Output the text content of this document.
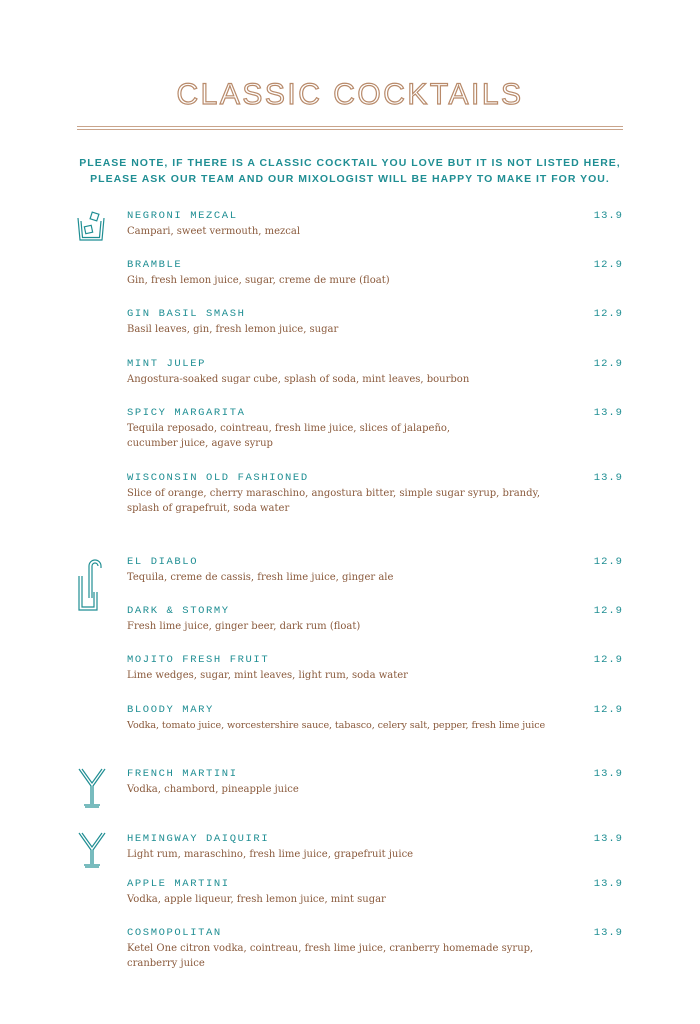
CLASSIC COCKTAILS
PLEASE NOTE, IF THERE IS A CLASSIC COCKTAIL YOU LOVE BUT IT IS NOT LISTED HERE,
PLEASE ASK OUR TEAM AND OUR MIXOLOGIST WILL BE HAPPY TO MAKE IT FOR YOU.
NEGRONI MEZCAL	13.9
Campari, sweet vermouth, mezcal
BRAMBLE	12.9
Gin, fresh lemon juice, sugar, creme de mure (float)
GIN BASIL SMASH	12.9
Basil leaves, gin, fresh lemon juice, sugar
MINT JULEP	12.9
Angostura-soaked sugar cube, splash of soda, mint leaves, bourbon
SPICY MARGARITA	13.9
Tequila reposado, cointreau, fresh lime juice, slices of jalapeño, cucumber juice, agave syrup
WISCONSIN OLD FASHIONED	13.9
Slice of orange, cherry maraschino, angostura bitter, simple sugar syrup, brandy, splash of grapefruit, soda water
EL DIABLO	12.9
Tequila, creme de cassis, fresh lime juice, ginger ale
DARK & STORMY	12.9
Fresh lime juice, ginger beer, dark rum (float)
MOJITO FRESH FRUIT	12.9
Lime wedges, sugar, mint leaves, light rum, soda water
BLOODY MARY	12.9
Vodka, tomato juice, worcestershire sauce, tabasco, celery salt, pepper, fresh lime juice
FRENCH MARTINI	13.9
Vodka, chambord, pineapple juice
HEMINGWAY DAIQUIRI	13.9
Light rum, maraschino, fresh lime juice, grapefruit juice
APPLE MARTINI	13.9
Vodka, apple liqueur, fresh lemon juice, mint sugar
COSMOPOLITAN	13.9
Ketel One citron vodka, cointreau, fresh lime juice, cranberry homemade syrup, cranberry juice
